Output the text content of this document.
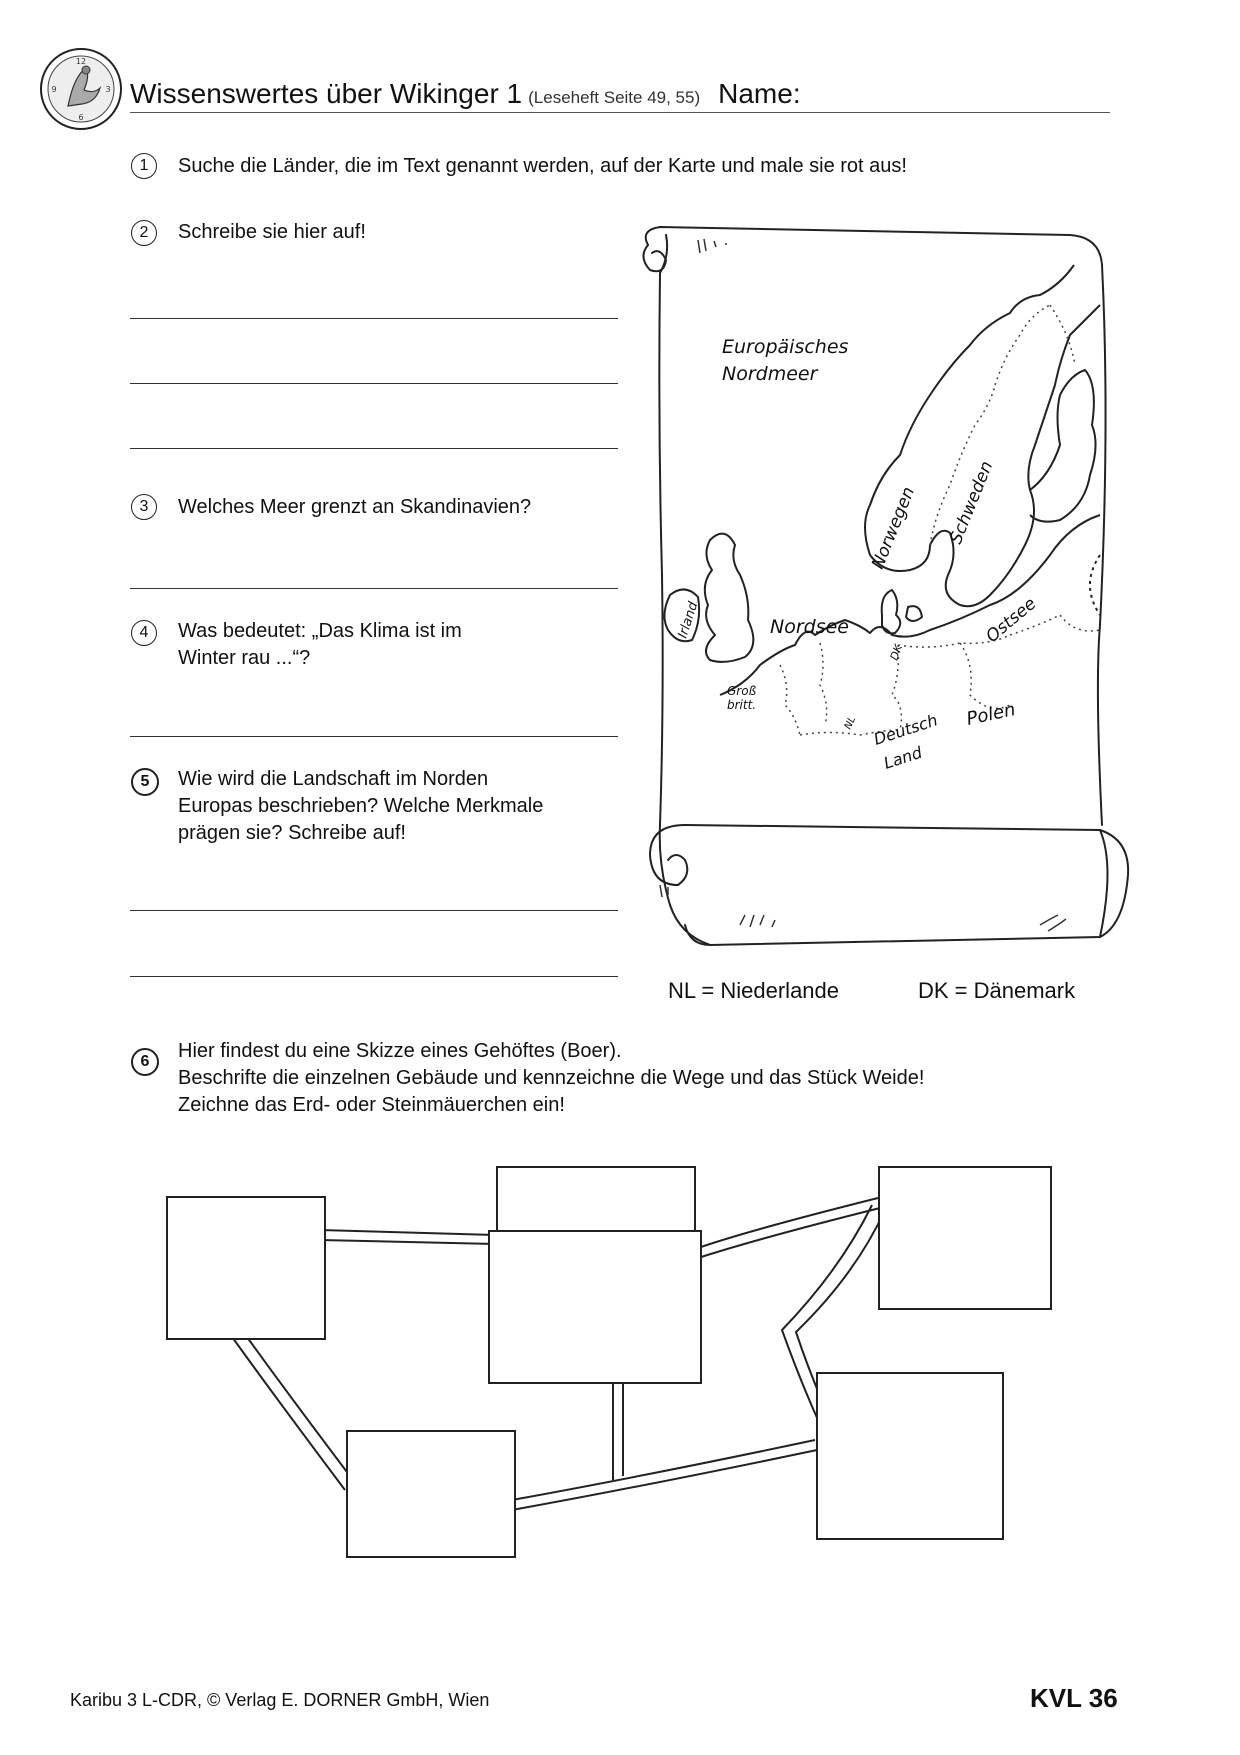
12
3
6
9	Wissenswertes über Wikinger 1 (Leseheft Seite 49, 55) Name:
1	Suche die Länder, die im Text genannt werden, auf der Karte und male sie rot aus!
2	Schreibe sie hier auf!
3	Welches Meer grenzt an Skandinavien?
4	Was bedeutet: „Das Klima ist im
Winter rau ...“?
5	Wie wird die Landschaft im Norden
Europas beschrieben? Welche Merkmale
prägen sie? Schreibe auf!
Europäisches
Nordmeer
Norwegen Schweden
Nordsee	Ostsee
Irland
Groß
britt.
DK
NL Deutsch
Land
Polen
NL = Niederlande	DK = Dänemark
6	Hier findest du eine Skizze eines Gehöftes (Boer).
Beschrifte die einzelnen Gebäude und kennzeichne die Wege und das Stück Weide!
Zeichne das Erd- oder Steinmäuerchen ein!
Karibu 3 L-CDR, © Verlag E. DORNER GmbH, Wien	KVL 36
